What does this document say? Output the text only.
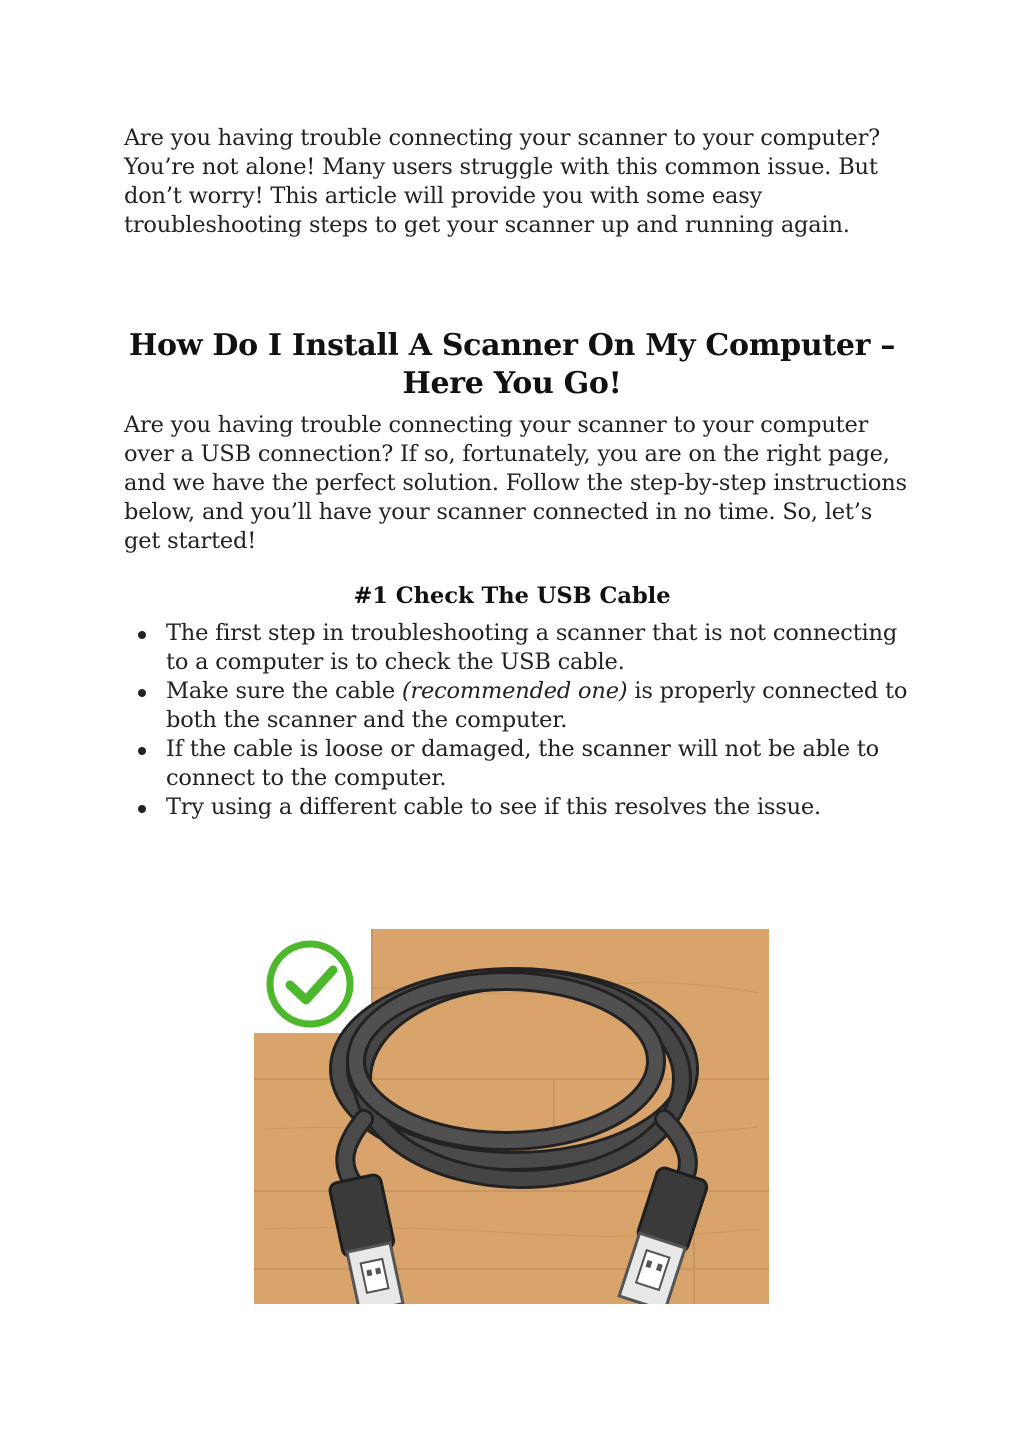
Are you having trouble connecting your scanner to your computer? You’re not alone! Many users struggle with this common issue. But don’t worry! This article will provide you with some easy troubleshooting steps to get your scanner up and running again.

How Do I Install A Scanner On My Computer – Here You Go!

Are you having trouble connecting your scanner to your computer over a USB connection? If so, fortunately, you are on the right page, and we have the perfect solution. Follow the step-by-step instructions below, and you’ll have your scanner connected in no time. So, let’s get started!

#1 Check The USB Cable
The first step in troubleshooting a scanner that is not connecting to a computer is to check the USB cable.
Make sure the cable (recommended one) is properly connected to both the scanner and the computer.
If the cable is loose or damaged, the scanner will not be able to connect to the computer.
Try using a different cable to see if this resolves the issue.
